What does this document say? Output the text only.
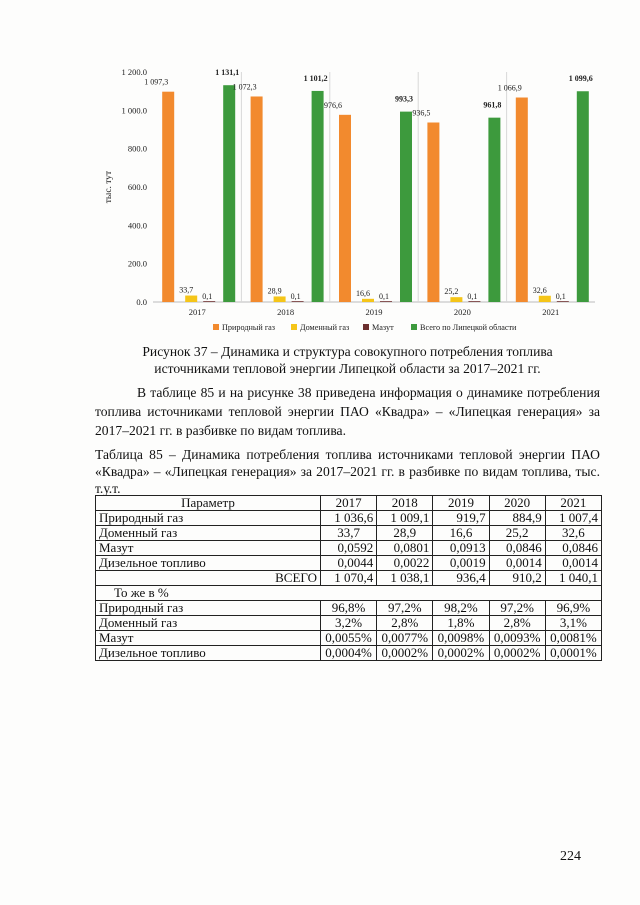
0.0
200.0
400.0
600.0
800.0
1 000.0
1 200.0
тыс. тут
2017
1 097,3
33,7
0,1
1 131,1
2018
1 072,3
28,9
0,1
1 101,2
2019
976,6
16,6 0,1
993,3
2020
936,5
25,2
0,1
961,8
2021
1 066,9
32,6
0,1
1 099,6
Природный газ	Доменный газ	Мазут	Всего по Липецкой области
Рисунок 37 – Динамика и структура совокупного потребления топлива
источниками тепловой энергии Липецкой области за 2017–2021 гг.
В таблице 85 и на рисунке 38 приведена информация о динамике потребления топлива источниками тепловой энергии ПАО «Квадра» – «Липецкая генерация» за 2017–2021 гг. в разбивке по видам топлива.
Таблица 85 – Динамика потребления топлива источниками тепловой энергии ПАО «Квадра» – «Липецкая генерация» за 2017–2021 гг. в разбивке по видам топлива, тыс. т.у.т.
Параметр	2017	2018	2019	2020	2021
Природный газ	1 036,6	1 009,1	919,7	884,9	1 007,4
Доменный газ	33,7	28,9	16,6	25,2	32,6
Мазут	0,0592	0,0801	0,0913	0,0846	0,0846
Дизельное топливо	0,0044	0,0022	0,0019	0,0014	0,0014
ВСЕГО	1 070,4	1 038,1	936,4	910,2	1 040,1
То же в %					
Природный газ	96,8%	97,2%	98,2%	97,2%	96,9%
Доменный газ	3,2%	2,8%	1,8%	2,8%	3,1%
Мазут	0,0055%	0,0077%	0,0098%	0,0093%	0,0081%
Дизельное топливо	0,0004%	0,0002%	0,0002%	0,0002%	0,0001%
224
